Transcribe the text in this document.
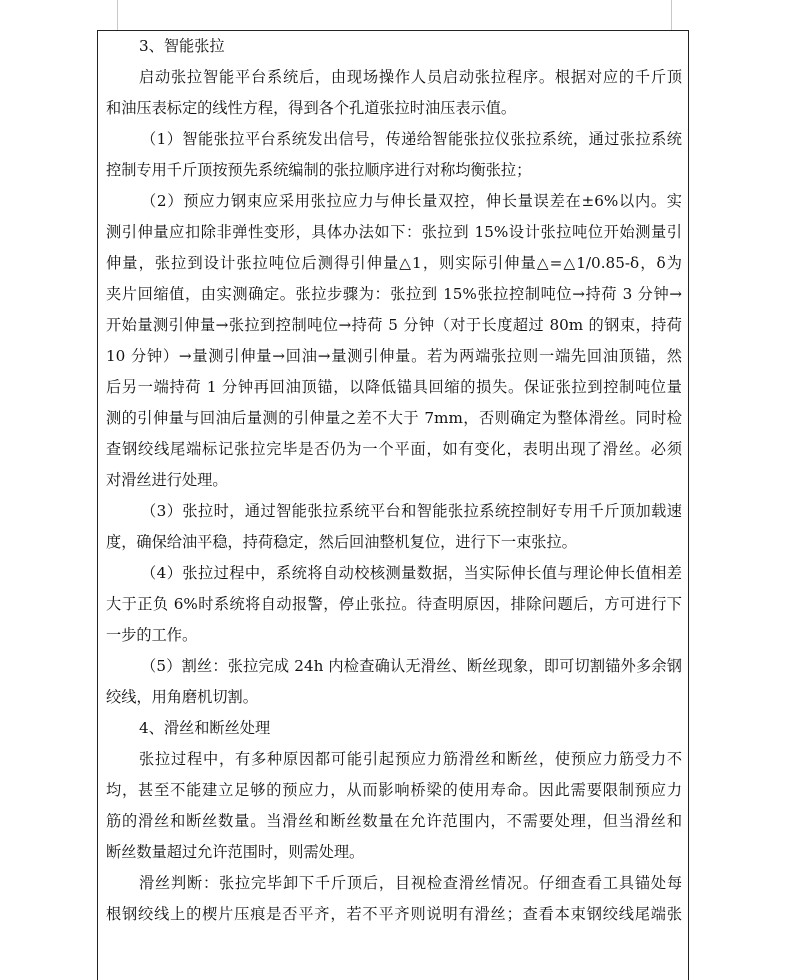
3、智能张拉
启动张拉智能平台系统后，由现场操作人员启动张拉程序。根据对应的千斤顶
和油压表标定的线性方程，得到各个孔道张拉时油压表示值。
（1）智能张拉平台系统发出信号，传递给智能张拉仪张拉系统，通过张拉系统
控制专用千斤顶按预先系统编制的张拉顺序进行对称均衡张拉；
（2）预应力钢束应采用张拉应力与伸长量双控，伸长量误差在±6%以内。实
测引伸量应扣除非弹性变形，具体办法如下：张拉到 15%设计张拉吨位开始测量引
伸量，张拉到设计张拉吨位后测得引伸量△1，则实际引伸量△=△1/0.85-δ，δ为
夹片回缩值，由实测确定。张拉步骤为：张拉到 15%张拉控制吨位→持荷 3 分钟→
开始量测引伸量→张拉到控制吨位→持荷 5 分钟（对于长度超过 80m 的钢束，持荷
10 分钟）→量测引伸量→回油→量测引伸量。若为两端张拉则一端先回油顶锚，然
后另一端持荷 1 分钟再回油顶锚，以降低锚具回缩的损失。保证张拉到控制吨位量
测的引伸量与回油后量测的引伸量之差不大于 7mm，否则确定为整体滑丝。同时检
查钢绞线尾端标记张拉完毕是否仍为一个平面，如有变化，表明出现了滑丝。必须
对滑丝进行处理。
（3）张拉时，通过智能张拉系统平台和智能张拉系统控制好专用千斤顶加载速
度，确保给油平稳，持荷稳定，然后回油整机复位，进行下一束张拉。
（4）张拉过程中，系统将自动校核测量数据，当实际伸长值与理论伸长值相差
大于正负 6%时系统将自动报警，停止张拉。待查明原因，排除问题后，方可进行下
一步的工作。
（5）割丝：张拉完成 24h 内检查确认无滑丝、断丝现象，即可切割锚外多余钢
绞线，用角磨机切割。
4、滑丝和断丝处理
张拉过程中，有多种原因都可能引起预应力筋滑丝和断丝，使预应力筋受力不
均，甚至不能建立足够的预应力，从而影响桥梁的使用寿命。因此需要限制预应力
筋的滑丝和断丝数量。当滑丝和断丝数量在允许范围内，不需要处理，但当滑丝和
断丝数量超过允许范围时，则需处理。
滑丝判断：张拉完毕卸下千斤顶后，目视检查滑丝情况。仔细查看工具锚处每
根钢绞线上的楔片压痕是否平齐，若不平齐则说明有滑丝；查看本束钢绞线尾端张
